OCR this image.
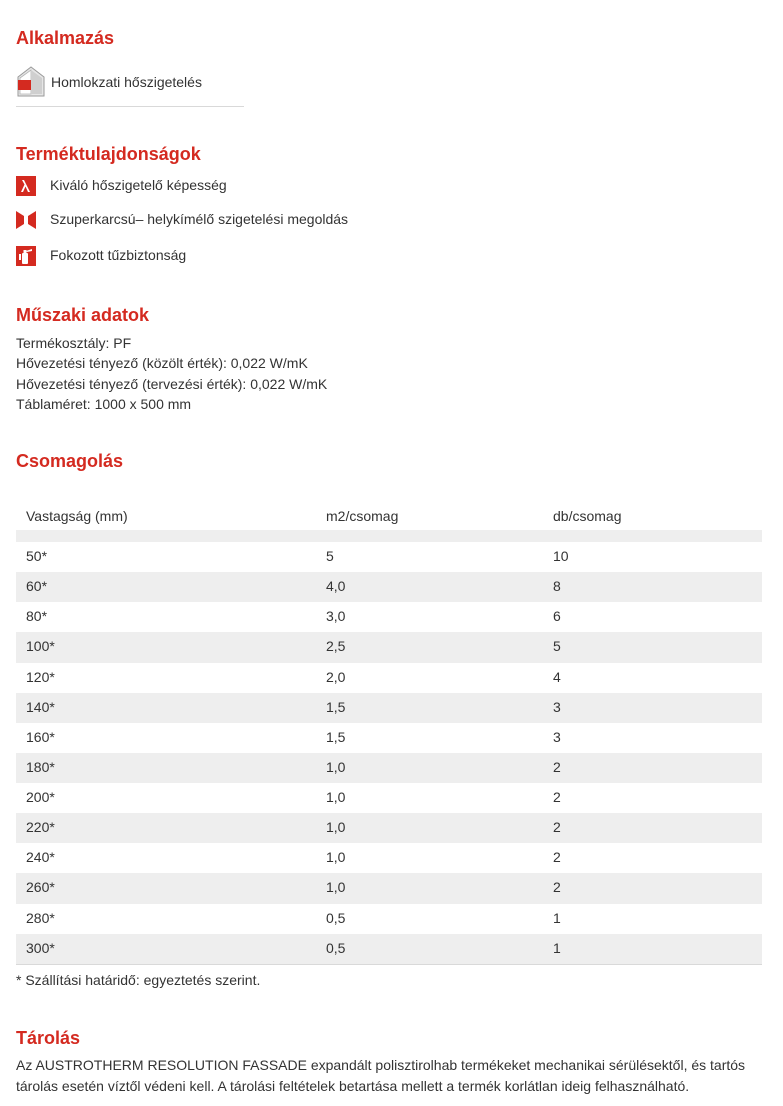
Alkalmazás
Homlokzati hőszigetelés
Terméktulajdonságok
Kiváló hőszigetelő képesség
Szuperkarcsú– helykímélő szigetelési megoldás
Fokozott tűzbiztonság
Műszaki adatok
Termékosztály: PF
Hővezetési tényező (közölt érték): 0,022 W/mK
Hővezetési tényező (tervezési érték): 0,022 W/mK
Táblaméret: 1000 x 500 mm
Csomagolás
Vastagság (mm)	m2/csomag	db/csomag
50*	5	10
60*	4,0	8
80*	3,0	6
100*	2,5	5
120*	2,0	4
140*	1,5	3
160*	1,5	3
180*	1,0	2
200*	1,0	2
220*	1,0	2
240*	1,0	2
260*	1,0	2
280*	0,5	1
300*	0,5	1
* Szállítási határidő: egyeztetés szerint.
Tárolás
Az AUSTROTHERM RESOLUTION FASSADE expandált polisztirolhab termékeket mechanikai sérülésektől, és tartós tárolás esetén víztől védeni kell. A tárolási feltételek betartása mellett a termék korlátlan ideig felhasználható.
